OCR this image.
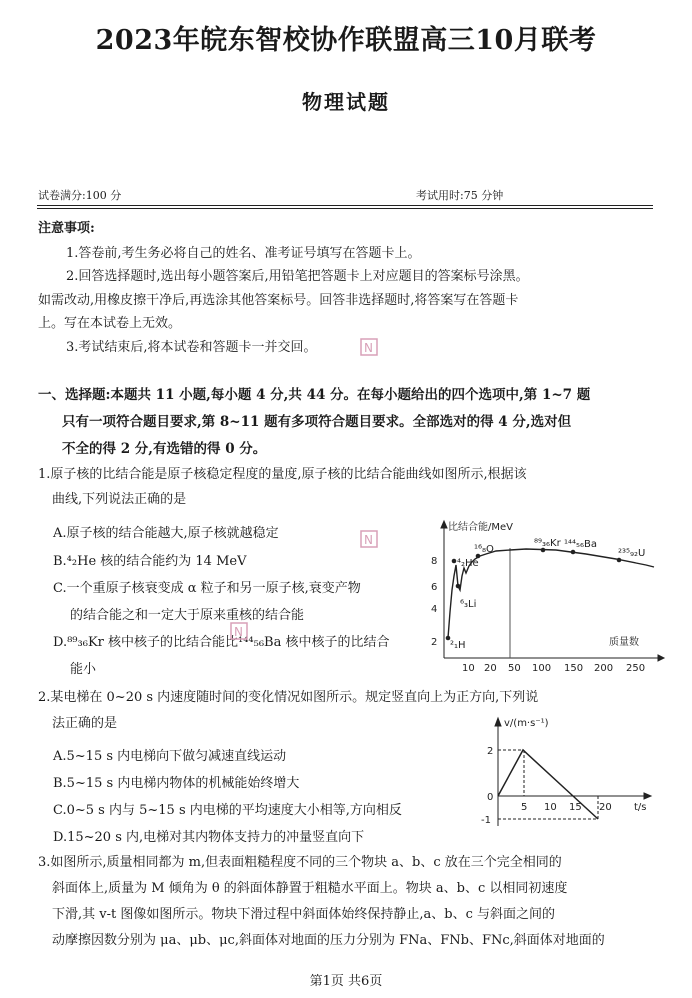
2023年皖东智校协作联盟高三10月联考
物理试题
试卷满分:100 分	考试用时:75 分钟
注意事项:
1.答卷前,考生务必将自己的姓名、准考证号填写在答题卡上。
2.回答选择题时,选出每小题答案后,用铅笔把答题卡上对应题目的答案标号涂黑。
如需改动,用橡皮擦干净后,再选涂其他答案标号。回答非选择题时,将答案写在答题卡
上。写在本试卷上无效。
3.考试结束后,将本试卷和答题卡一并交回。
一、选择题:本题共 11 小题,每小题 4 分,共 44 分。在每小题给出的四个选项中,第 1~7 题
只有一项符合题目要求,第 8~11 题有多项符合题目要求。全部选对的得 4 分,选对但
不全的得 2 分,有选错的得 0 分。
1.原子核的比结合能是原子核稳定程度的量度,原子核的比结合能曲线如图所示,根据该
曲线,下列说法正确的是
A.原子核的结合能越大,原子核就越稳定
B.⁴₂He 核的结合能约为 14 MeV
C.一个重原子核衰变成 α 粒子和另一原子核,衰变产物
的结合能之和一定大于原来重核的结合能
D.⁸⁹₃₆Kr 核中核子的比结合能比¹⁴⁴₅₆Ba 核中核子的比结合
能小
比结合能/MeV
质量数
2
4
6
8
10 20 50 100 150 200 250
²₁H
⁴₂He
⁶₃Li
¹⁶₈O
⁸⁹₃₆Kr ¹⁴⁴₅₆Ba
²³⁵₉₂U
2.某电梯在 0~20 s 内速度随时间的变化情况如图所示。规定竖直向上为正方向,下列说
法正确的是
A.5~15 s 内电梯向下做匀减速直线运动
B.5~15 s 内电梯内物体的机械能始终增大
C.0~5 s 内与 5~15 s 内电梯的平均速度大小相等,方向相反
D.15~20 s 内,电梯对其内物体支持力的冲量竖直向下
v/(m·s⁻¹)
t/s
2
0
-1
5 10 15 20
3.如图所示,质量相同都为 m,但表面粗糙程度不同的三个物块 a、b、c 放在三个完全相同的
斜面体上,质量为 M 倾角为 θ 的斜面体静置于粗糙水平面上。物块 a、b、c 以相同初速度
下滑,其 v-t 图像如图所示。物块下滑过程中斜面体始终保持静止,a、b、c 与斜面之间的
动摩擦因数分别为 μa、μb、μc,斜面体对地面的压力分别为 FNa、FNb、FNc,斜面体对地面的
N
N
N
第1页 共6页
